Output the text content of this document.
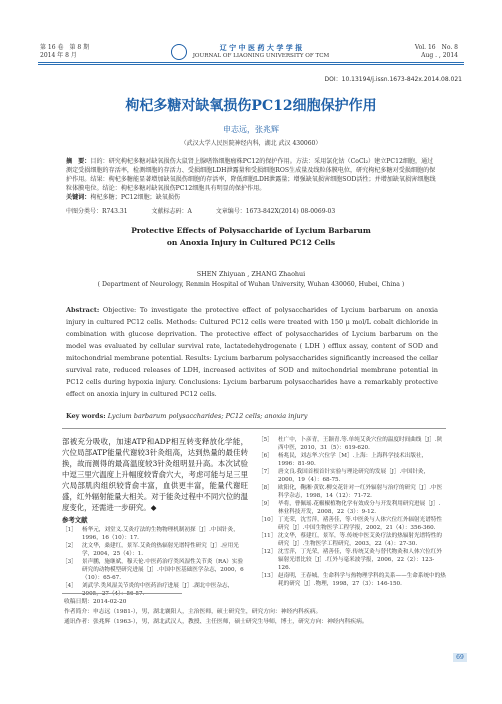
第 16 卷　第 8 期
2014 年 8 月
辽 宁 中 医 药 大 学 学 报
JOURNAL OF LIAONING UNIVERSITY OF TCM
Vol. 16　No. 8
Aug . , 2014
DOI：10.13194/j.issn.1673-842x.2014.08.021
枸杞多糖对缺氧损伤PC12细胞保护作用
申志远，张兆辉
（武汉大学人民医院神经内科，湖北 武汉 430060）
摘　要：目的：研究枸杞多糖对缺氧损伤大鼠肾上腺嗜铬细胞瘤株PC12的保护作用。方法：采用氯化钴（CoCl₂）建立PC12细胞，通过测定受损细胞的存活率，检测细胞的存活力、受损细胞LDH泄露量和受损细胞ROS生成量及线粒体膜电位，研究枸杞多糖对受损细胞的保护作用。结果：枸杞多糖能显著增加缺氧损伤细胞的存活率，降低细胞LDH泄露量；增强缺氧损害细胞SOD活性；并增加缺氧损害细胞线粒体膜电位。结论：枸杞多糖对缺氧损伤PC12细胞具有明显的保护作用。
关键词：枸杞多糖；PC12细胞；缺氧损伤
中图分类号：R743.31	文献标志码：A	文章编号：1673-842X(2014) 08-0069-03
Protective Effects of Polysaccharide of Lycium Barbarum
on Anoxia Injury in Cultured PC12 Cells
SHEN Zhiyuan , ZHANG Zhaohui
( Department of Neurology, Renmin Hospital of Wuhan University, Wuhan 430060, Hubei, China )
Abstract: Objective: To investigate the protective effect of polysaccharides of Lycium barbarum on anoxia injury in cultured PC12 cells. Methods: Cultured PC12 cells were treated with 150 μ mol/L cobalt dichloride in combination with glucose deprivation. The protective effect of polysaccharides of Lycium barbarum on the model was evaluated by cellular survival rate, lactatedehydrogenate ( LDH ) efflux assay, content of SOD and mitochondrial membrane potential. Results: Lycium barbarum polysaccharides significantly increased the cellar survival rate, reduced releases of LDH, increased activites of SOD and mitochondrial membrane potential in PC12 cells during hypoxia injury. Conclusions: Lycium barbarum polysaccharides have a remarkably protective effect on anoxia injury in cultured PC12 cells.
Key words: Lycium barbarum polysaccharides; PC12 cells; anoxia injury
部被充分吸收，加速ATP和ADP相互转变释放化学能，穴位局部ATP能量代谢较3针灸组高，达到热量的最佳转换，故而测得的最高温度较3针灸组明显升高。本次试验中逗三里穴温度上升幅度较背俞穴大，考虑可能与足三里穴局部肌肉组织较背俞丰富，血供更丰富，能量代谢旺盛，红外辐射能量大相关。对于能灸过程中不同穴位的温度变化，还需进一步研究。◆
参考文献
［1］ 杨华元，刘堂义.艾灸疗法的生物物理机制初探［J］.中国针灸，1996，16（10）：17.
［2］ 沈文华，桑建红，景军.艾灸的热辐射光谱特性研究［J］.应用光学，2004，25（4）：1.
［3］ 景声鹏，施继斌，穆天伦.中医药治疗类风湿性关节炎（RA）实验研究的动物模型研究进展［J］.中国中医基础医学杂志，2000，6（10）：65-67.
［4］ 刘武学.类风湿关节炎的中医药治疗进展［J］.湖北中医杂志，2005，27（4）：56-57.
［5］ 杜广中，卜彦青，王颖青.等.单纯艾灸穴位的温度时间曲线［J］.陕西中医，2010，31（5）：619-620.
［6］ 杨兆民，刘志华.穴位学［M］.上海：上海科学技术出版社，1996：81-90.
［7］ 唐文良.我国首根首针实验与理论研究的发展［J］.中国针灸，2000，19（4）：68-75.
［8］ 欧阳化，鞠湘·黄钦.柳交花针对一红外辐射与治疗的研究［J］.中医科学杂志，1998，14（12）：71-72.
［9］ 毕将，曹佩瑶.花椒椒植物化学有效成分与开发利用研究进展［J］.林业科技开发，2008，22（3）：9-12.
［10］ 丁光荣，沈雪萍，褚善佳，等.中医灸与人体穴位红外辐射光谱特性研究［J］.中国生物医学工程学报，2002，21（4）：356-360.
［11］ 沈文华，蔡建红，景军，等.传统中医艾灸疗法的热辐射光谱特性的研究［J］.生物医学工程研究，2003，22（4）：27-30.
［12］ 沈雪萍，丁光荣，褚善佳，等.传统艾灸与替代物灸和人体穴位红外辐射光谱比较［J］.红外与毫米波学报，2006，22（2）：123-126.
［13］ 赵南明，王春城，生命科学与热物理学科的关系——生命系统中的热耗的研究［J］.物理，1998，27（3）：146-150.
收稿日期：2014-02-20
作者简介：申志远（1981-），男，湖北襄阳人，主治医师，硕士研究生，研究方向：神经内科疾病。
通讯作者：张兆辉（1963-），男，湖北武汉人，教授、主任医师，硕士研究生导师，博士，研究方向：神经内科疾病。
69
